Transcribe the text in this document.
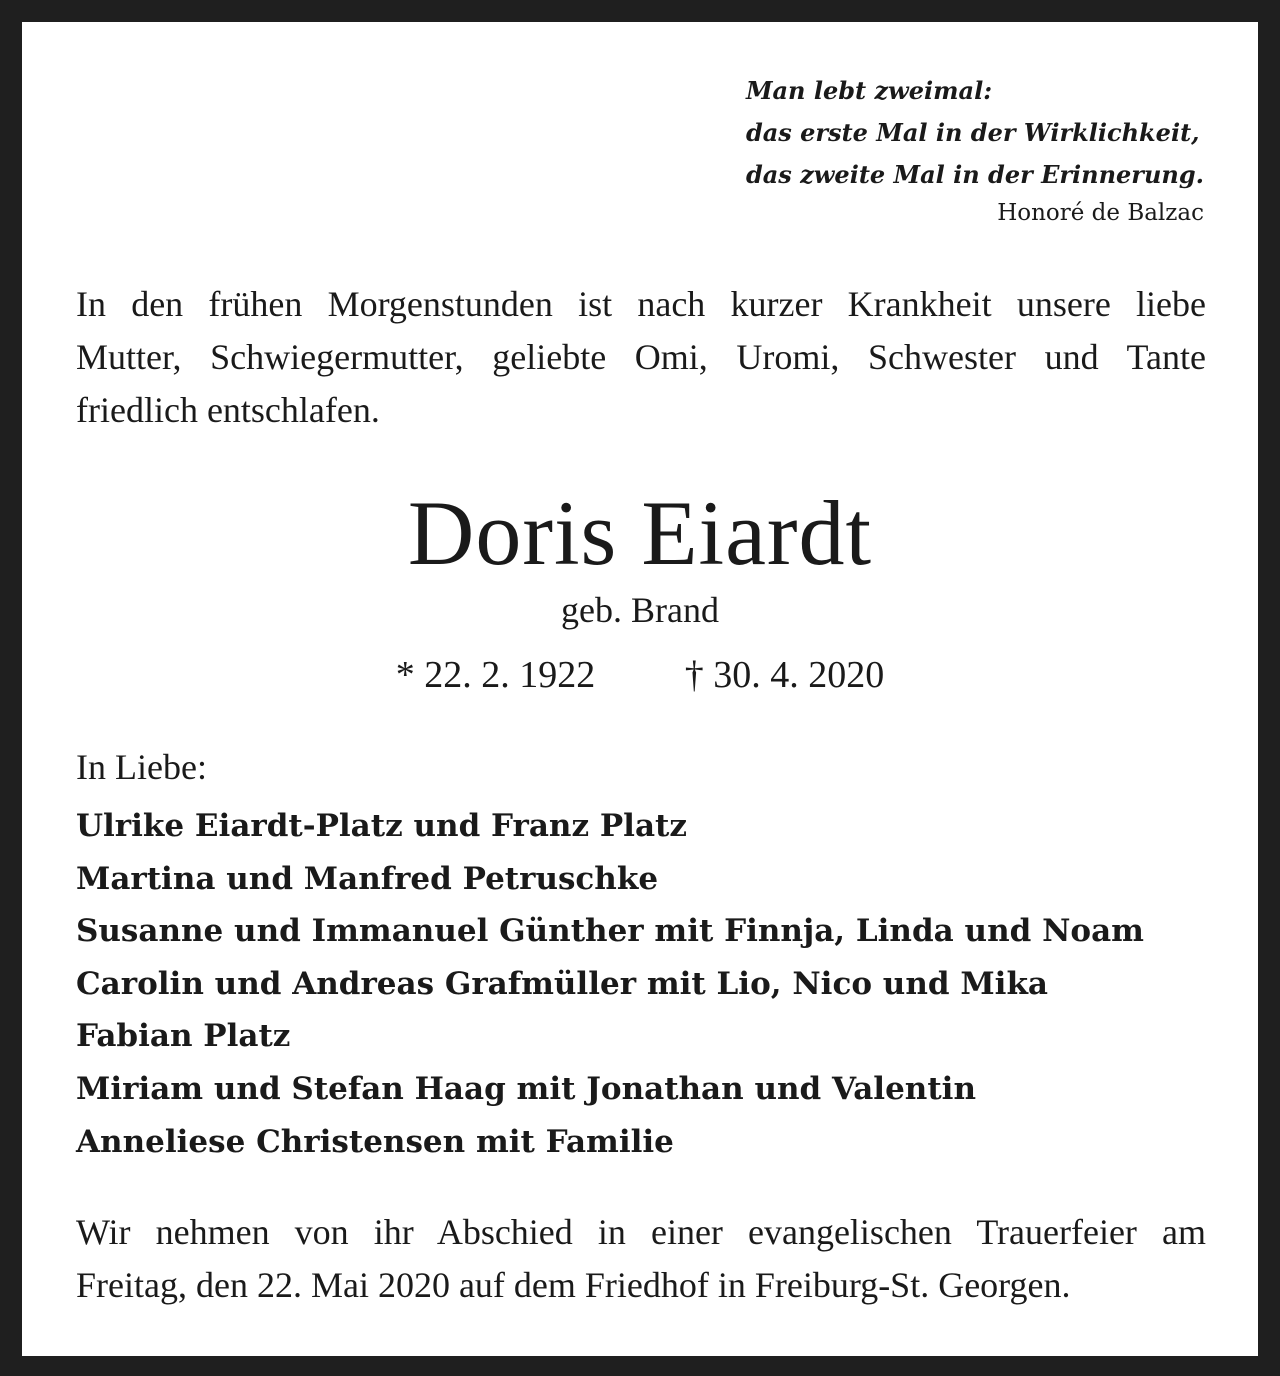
Man lebt zweimal:
das erste Mal in der Wirklichkeit,
das zweite Mal in der Erinnerung.
Honoré de Balzac
In den frühen Morgenstunden ist nach kurzer Krankheit unsere liebe
Mutter, Schwiegermutter, geliebte Omi, Uromi, Schwester und Tante
friedlich entschlafen.
Doris Eiardt
geb. Brand
* 22. 2. 1922 † 30. 4. 2020
In Liebe:
Ulrike Eiardt-Platz und Franz Platz
Martina und Manfred Petruschke
Susanne und Immanuel Günther mit Finnja, Linda und Noam
Carolin und Andreas Grafmüller mit Lio, Nico und Mika
Fabian Platz
Miriam und Stefan Haag mit Jonathan und Valentin
Anneliese Christensen mit Familie
Wir nehmen von ihr Abschied in einer evangelischen Trauerfeier am
Freitag, den 22. Mai 2020 auf dem Friedhof in Freiburg-St. Georgen.
